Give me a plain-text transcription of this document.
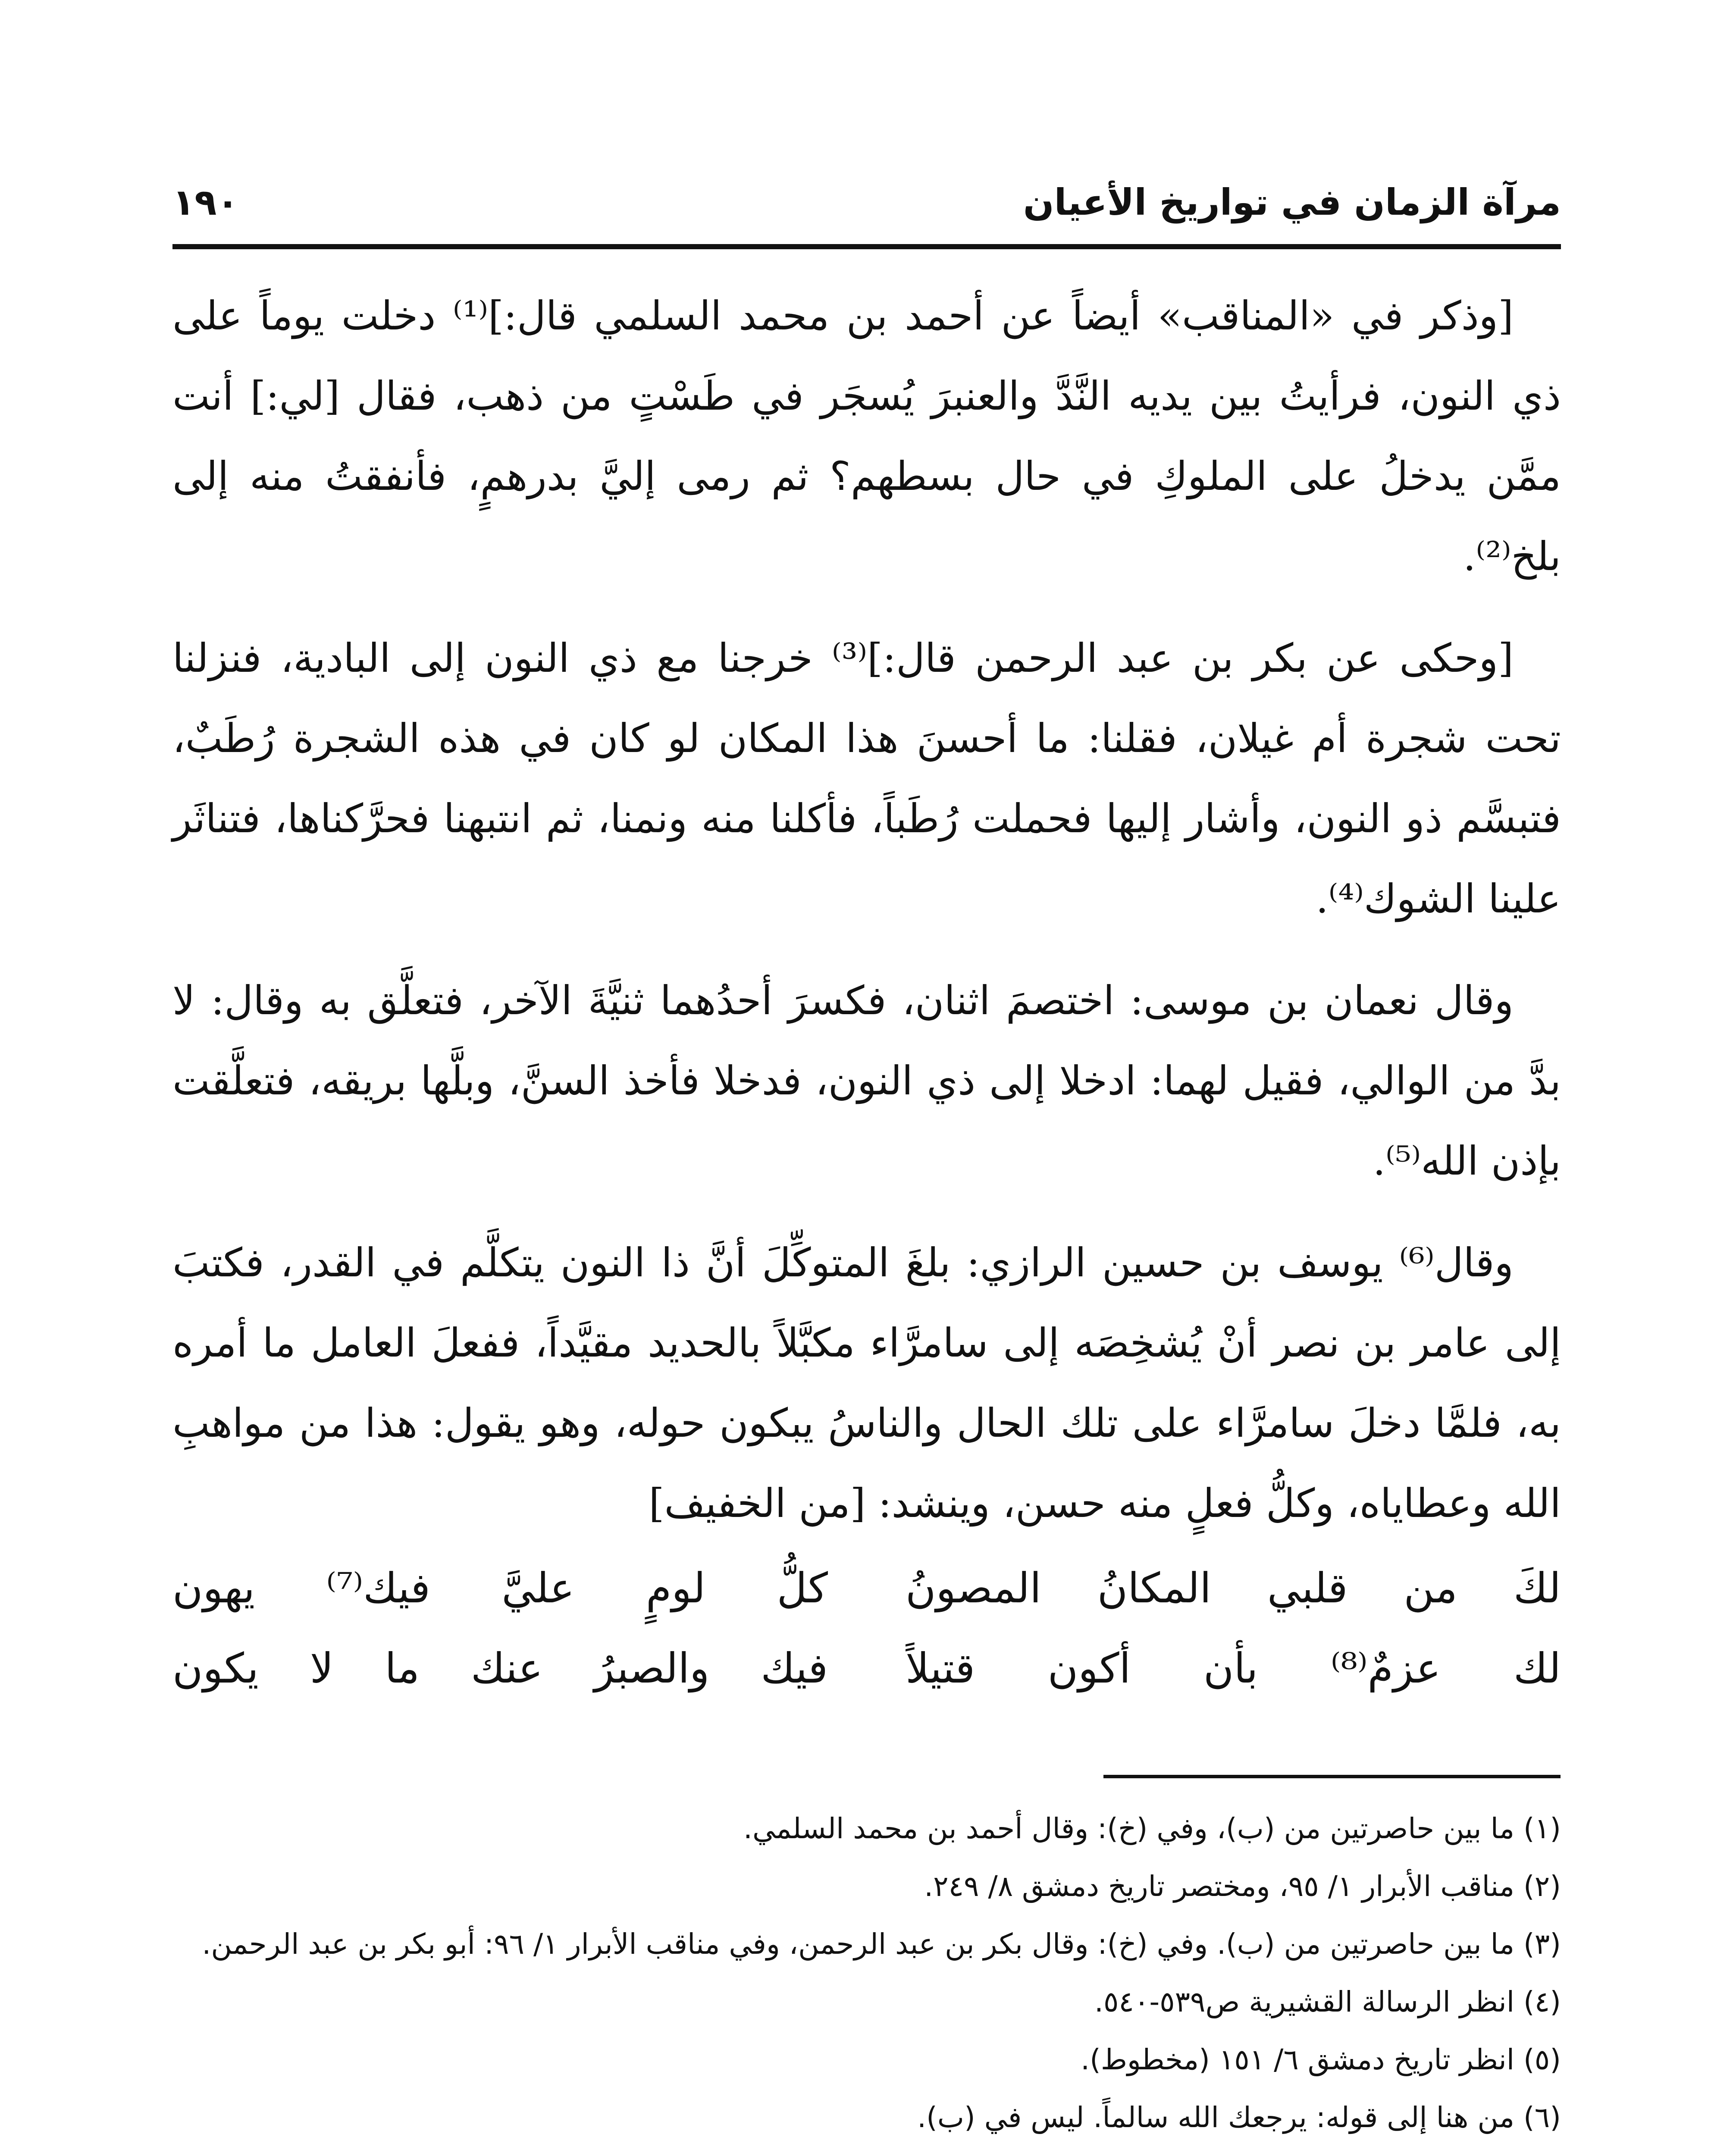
مرآة الزمان في تواريخ الأعيان
١٩٠

[وذكر في «المناقب» أيضاً عن أحمد بن محمد السلمي قال:]⁽¹⁾ دخلت يوماً على ذي النون، فرأيتُ بين يديه النَّدَّ والعنبرَ يُسجَر في طَسْتٍ من ذهب، فقال [لي:] أنت ممَّن يدخلُ على الملوكِ في حال بسطهم؟ ثم رمى إليَّ بدرهمٍ، فأنفقتُ منه إلى بلخ⁽²⁾.

[وحكى عن بكر بن عبد الرحمن قال:]⁽³⁾ خرجنا مع ذي النون إلى البادية، فنزلنا تحت شجرة أم غيلان، فقلنا: ما أحسنَ هذا المكان لو كان في هذه الشجرة رُطَبٌ، فتبسَّم ذو النون، وأشار إليها فحملت رُطَباً، فأكلنا منه ونمنا، ثم انتبهنا فحرَّكناها، فتناثَر علينا الشوك⁽⁴⁾.

وقال نعمان بن موسى: اختصمَ اثنان، فكسرَ أحدُهما ثنيَّةَ الآخر، فتعلَّق به وقال: لا بدَّ من الوالي، فقيل لهما: ادخلا إلى ذي النون، فدخلا فأخذ السنَّ، وبلَّها بريقه، فتعلَّقت بإذن الله⁽⁵⁾.

وقال⁽⁶⁾ يوسف بن حسين الرازي: بلغَ المتوكِّلَ أنَّ ذا النون يتكلَّم في القدر، فكتبَ إلى عامر بن نصر أنْ يُشخِصَه إلى سامرَّاء مكبَّلاً بالحديد مقيَّداً، ففعلَ العامل ما أمره به، فلمَّا دخلَ سامرَّاء على تلك الحال والناسُ يبكون حوله، وهو يقول: هذا من مواهبِ الله وعطاياه، وكلُّ فعلٍ منه حسن، وينشد: [من الخفيف]

لكَ من قلبي المكانُ المصونُ
كلُّ لومٍ عليَّ فيك⁽⁷⁾ يهون
لك عزمٌ⁽⁸⁾ بأن أكون قتيلاً
فيك والصبرُ عنك ما لا يكون

(١) ما بين حاصرتين من (ب)، وفي (خ): وقال أحمد بن محمد السلمي.

(٢) مناقب الأبرار ١/ ٩٥، ومختصر تاريخ دمشق ٨/ ٢٤٩.

(٣) ما بين حاصرتين من (ب). وفي (خ): وقال بكر بن عبد الرحمن، وفي مناقب الأبرار ١/ ٩٦: أبو بكر بن عبد الرحمن.

(٤) انظر الرسالة القشيرية ص٥٣٩-٥٤٠.

(٥) انظر تاريخ دمشق ٦/ ١٥١ (مخطوط).

(٦) من هنا إلى قوله: يرجعك الله سالماً. ليس في (ب).
